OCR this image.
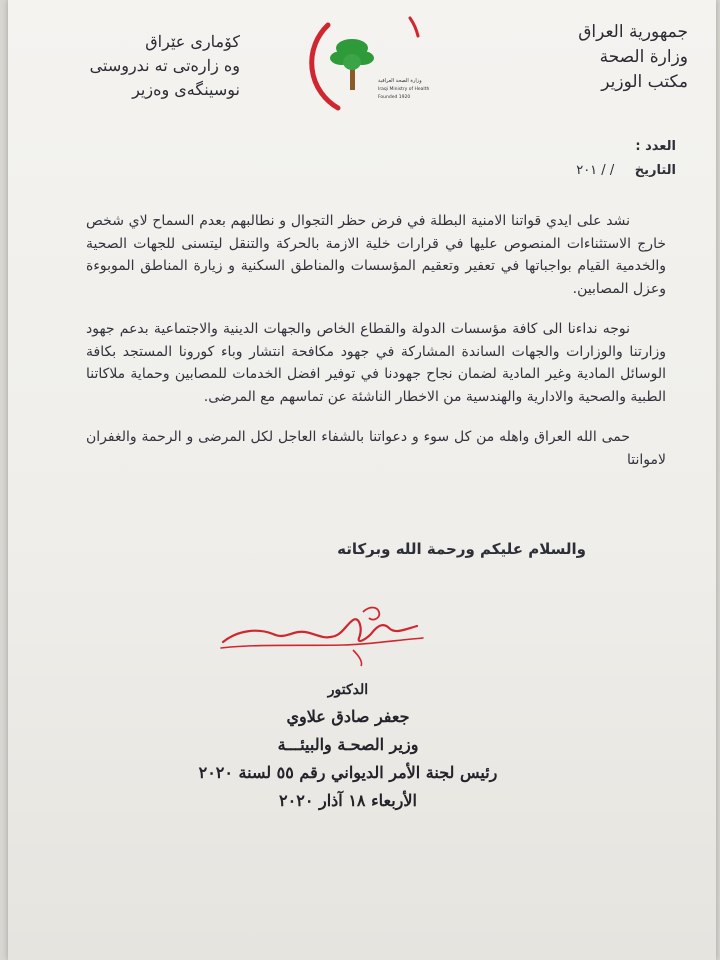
جمهورية العراق
وزارة الصحة
مكتب الوزير
وزارة الصحة العراقية
Iraqi Ministry of Health
Founded 1920
كۆماری عێراق
وه زارەتی تە ندروستی
نوسینگەی وەزیر
العدد :
التاريخ / / ٢٠١

نشد على ايدي قواتنا الامنية البطلة في فرض حظر التجوال و نطالبهم بعدم السماح لاي شخص خارج الاستثناءات المنصوص عليها في قرارات خلية الازمة بالحركة والتنقل ليتسنى للجهات الصحية والخدمية القيام بواجباتها في تعفير وتعقيم المؤسسات والمناطق السكنية و زيارة المناطق الموبوءة وعزل المصابين.

نوجه نداءنا الى كافة مؤسسات الدولة والقطاع الخاص والجهات الدينية والاجتماعية بدعم جهود وزارتنا والوزارات والجهات الساندة المشاركة في جهود مكافحة انتشار وباء كورونا المستجد بكافة الوسائل المادية وغير المادية لضمان نجاح جهودنا في توفير افضل الخدمات للمصابين وحماية ملاكاتنا الطبية والصحية والادارية والهندسية من الاخطار الناشئة عن تماسهم مع المرضى.

حمى الله العراق واهله من كل سوء و دعواتنا بالشفاء العاجل لكل المرضى و الرحمة والغفران لاموانتا

والسلام عليكم ورحمة الله وبركاته
الدكتور
جعفر صادق علاوي
وزير الصحـة والبيئـــة
رئيس لجنة الأمر الديواني رقم ٥٥ لسنة ٢٠٢٠
الأربعاء ١٨ آذار ٢٠٢٠
